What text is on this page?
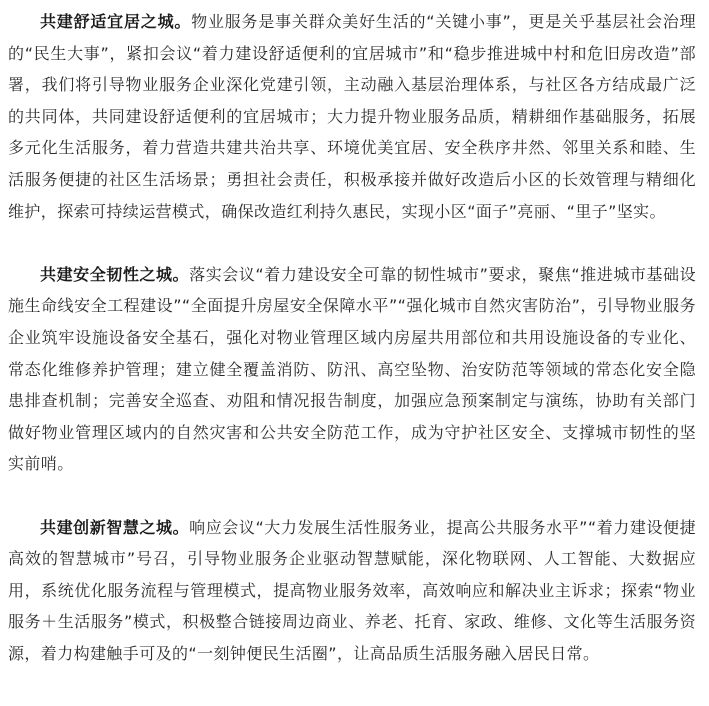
共建舒适宜居之城。物业服务是事关群众美好生活的“关键小事”，更是关乎基层社会治理的“民生大事”，紧扣会议“着力建设舒适便利的宜居城市”和“稳步推进城中村和危旧房改造”部署，我们将引导物业服务企业深化党建引领，主动融入基层治理体系，与社区各方结成最广泛的共同体，共同建设舒适便利的宜居城市；大力提升物业服务品质，精耕细作基础服务，拓展多元化生活服务，着力营造共建共治共享、环境优美宜居、安全秩序井然、邻里关系和睦、生活服务便捷的社区生活场景；勇担社会责任，积极承接并做好改造后小区的长效管理与精细化维护，探索可持续运营模式，确保改造红利持久惠民，实现小区“面子”亮丽、“里子”坚实。

共建安全韧性之城。落实会议“着力建设安全可靠的韧性城市”要求，聚焦“推进城市基础设施生命线安全工程建设”“全面提升房屋安全保障水平”“强化城市自然灾害防治”，引导物业服务企业筑牢设施设备安全基石，强化对物业管理区域内房屋共用部位和共用设施设备的专业化、常态化维修养护管理；建立健全覆盖消防、防汛、高空坠物、治安防范等领域的常态化安全隐患排查机制；完善安全巡查、劝阻和情况报告制度，加强应急预案制定与演练，协助有关部门做好物业管理区域内的自然灾害和公共安全防范工作，成为守护社区安全、支撑城市韧性的坚实前哨。

共建创新智慧之城。响应会议“大力发展生活性服务业，提高公共服务水平”“着力建设便捷高效的智慧城市”号召，引导物业服务企业驱动智慧赋能，深化物联网、人工智能、大数据应用，系统优化服务流程与管理模式，提高物业服务效率，高效响应和解决业主诉求；探索“物业服务＋生活服务”模式，积极整合链接周边商业、养老、托育、家政、维修、文化等生活服务资源，着力构建触手可及的“一刻钟便民生活圈”，让高品质生活服务融入居民日常。
